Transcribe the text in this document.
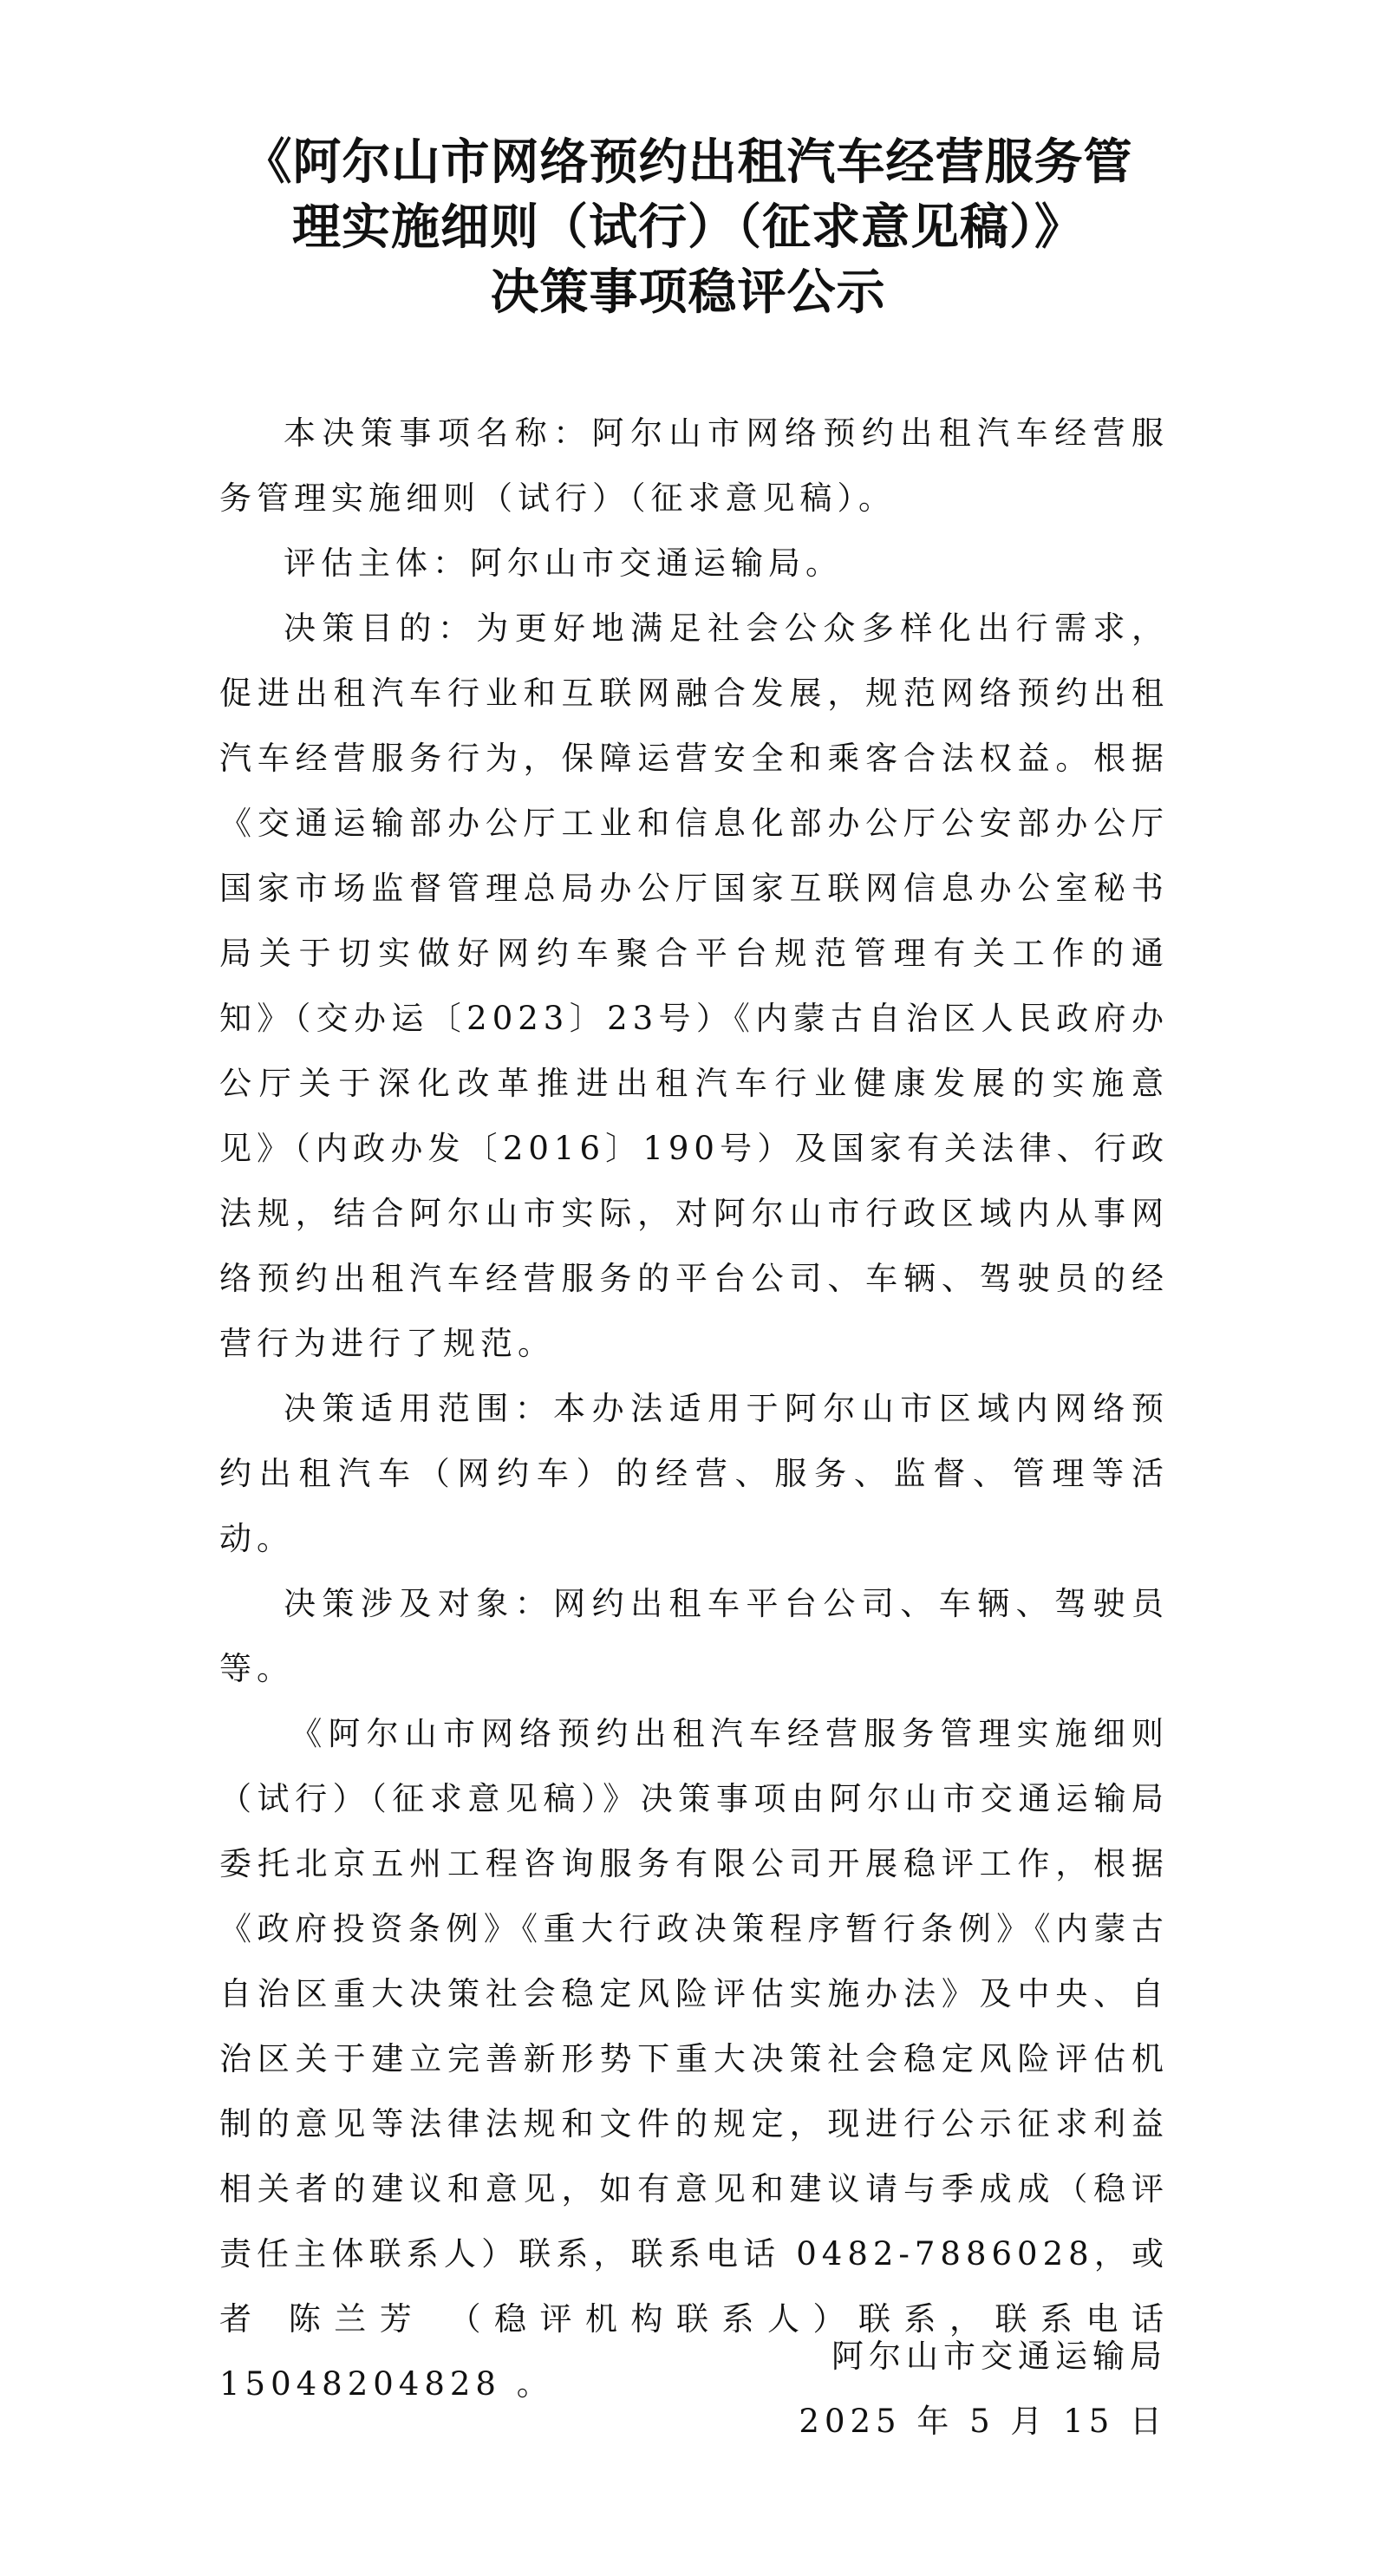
《阿尔山市网络预约出租汽车经营服务管
理实施细则（试行）（征求意见稿）》
决策事项稳评公示

本决策事项名称：阿尔山市网络预约出租汽车经营服务管理实施细则（试行）（征求意见稿）。

评估主体：阿尔山市交通运输局。

决策目的：为更好地满足社会公众多样化出行需求，促进出租汽车行业和互联网融合发展，规范网络预约出租汽车经营服务行为，保障运营安全和乘客合法权益。根据《交通运输部办公厅工业和信息化部办公厅公安部办公厅国家市场监督管理总局办公厅国家互联网信息办公室秘书局关于切实做好网约车聚合平台规范管理有关工作的通知》（交办运〔2023〕23号）《内蒙古自治区人民政府办公厅关于深化改革推进出租汽车行业健康发展的实施意见》（内政办发〔2016〕190号）及国家有关法律、行政法规，结合阿尔山市实际，对阿尔山市行政区域内从事网络预约出租汽车经营服务的平台公司、车辆、驾驶员的经营行为进行了规范。

决策适用范围：本办法适用于阿尔山市区域内网络预约出租汽车（网约车）的经营、服务、监督、管理等活动。

决策涉及对象：网约出租车平台公司、车辆、驾驶员等。

《阿尔山市网络预约出租汽车经营服务管理实施细则（试行）（征求意见稿）》决策事项由阿尔山市交通运输局委托北京五州工程咨询服务有限公司开展稳评工作，根据《政府投资条例》《重大行政决策程序暂行条例》《内蒙古自治区重大决策社会稳定风险评估实施办法》及中央、自治区关于建立完善新形势下重大决策社会稳定风险评估机制的意见等法律法规和文件的规定，现进行公示征求利益相关者的建议和意见，如有意见和建议请与季成成（稳评责任主体联系人）联系，联系电话 0482-7886028，或者 陈兰芳 （稳评机构联系人）联系，联系电话 15048204828 。

阿尔山市交通运输局
2025 年 5 月 15 日
